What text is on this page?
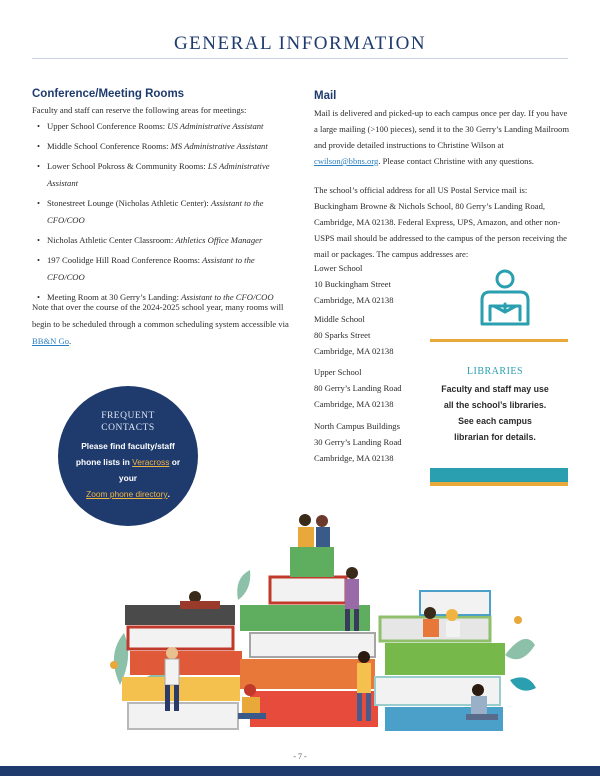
GENERAL INFORMATION
Conference/Meeting Rooms
Faculty and staff can reserve the following areas for meetings:
• Upper School Conference Rooms: US Administrative Assistant
• Middle School Conference Rooms: MS Administrative Assistant
• Lower School Pokross & Community Rooms: LS Administrative Assistant
• Stonestreet Lounge (Nicholas Athletic Center): Assistant to the CFO/COO
• Nicholas Athletic Center Classroom: Athletics Office Manager
• 197 Coolidge Hill Road Conference Rooms: Assistant to the CFO/COO
• Meeting Room at 30 Gerry’s Landing: Assistant to the CFO/COO
Note that over the course of the 2024-2025 school year, many rooms will begin to be scheduled through a common scheduling system accessible via BB&N Go.
Mail
Mail is delivered and picked-up to each campus once per day. If you have a large mailing (>100 pieces), send it to the 30 Gerry’s Landing Mailroom and provide detailed instructions to Christine Wilson at cwilson@bbns.org. Please contact Christine with any questions.
The school’s official address for all US Postal Service mail is: Buckingham Browne & Nichols School, 80 Gerry’s Landing Road, Cambridge, MA 02138. Federal Express, UPS, Amazon, and other non-USPS mail should be addressed to the campus of the person receiving the mail or packages. The campus addresses are:
Lower School
10 Buckingham Street
Cambridge, MA 02138
Middle School
80 Sparks Street
Cambridge, MA 02138
Upper School
80 Gerry’s Landing Road
Cambridge, MA 02138
North Campus Buildings
30 Gerry’s Landing Road
Cambridge, MA 02138
LIBRARIES
Faculty and staff may use all the school’s libraries. See each campus librarian for details.
FREQUENT
CONTACTS
Please find faculty/staff phone lists in Veracross or your
Zoom phone directory.
- 7 -
